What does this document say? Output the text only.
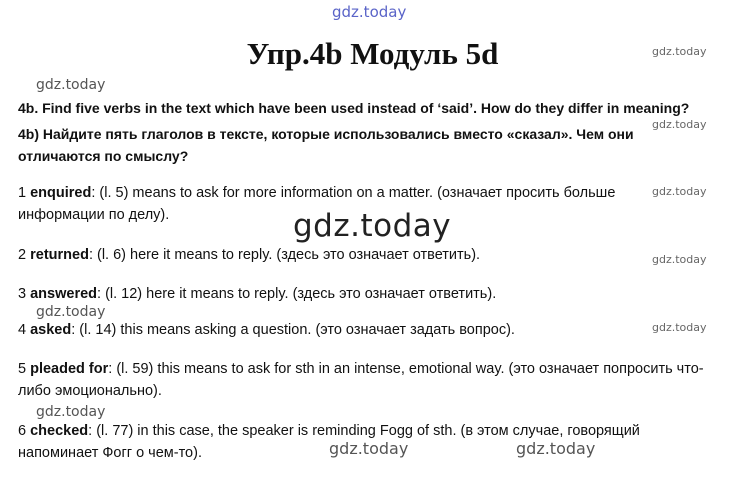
gdz.today
gdz.today
gdz.today
gdz.today
gdz.today
gdz.today
gdz.today
gdz.today
gdz.today
gdz.today
gdz.today	gdz.today
Упр.4b Модуль 5d
4b. Find five verbs in the text which have been used instead of ‘said’. How do they differ in meaning?
4b) Найдите пять глаголов в тексте, которые использовались вместо «сказал». Чем они отличаются по смыслу?
1 enquired: (l. 5) means to ask for more information on a matter. (означает просить больше информации по делу).
2 returned: (l. 6) here it means to reply. (здесь это означает ответить).
3 answered: (l. 12) here it means to reply. (здесь это означает ответить).
4 asked: (l. 14) this means asking a question. (это означает задать вопрос).
5 pleaded for: (l. 59) this means to ask for sth in an intense, emotional way. (это означает попросить что-либо эмоционально).
6 checked: (l. 77) in this case, the speaker is reminding Fogg of sth. (в этом случае, говорящий напоминает Фогг о чем-то).
